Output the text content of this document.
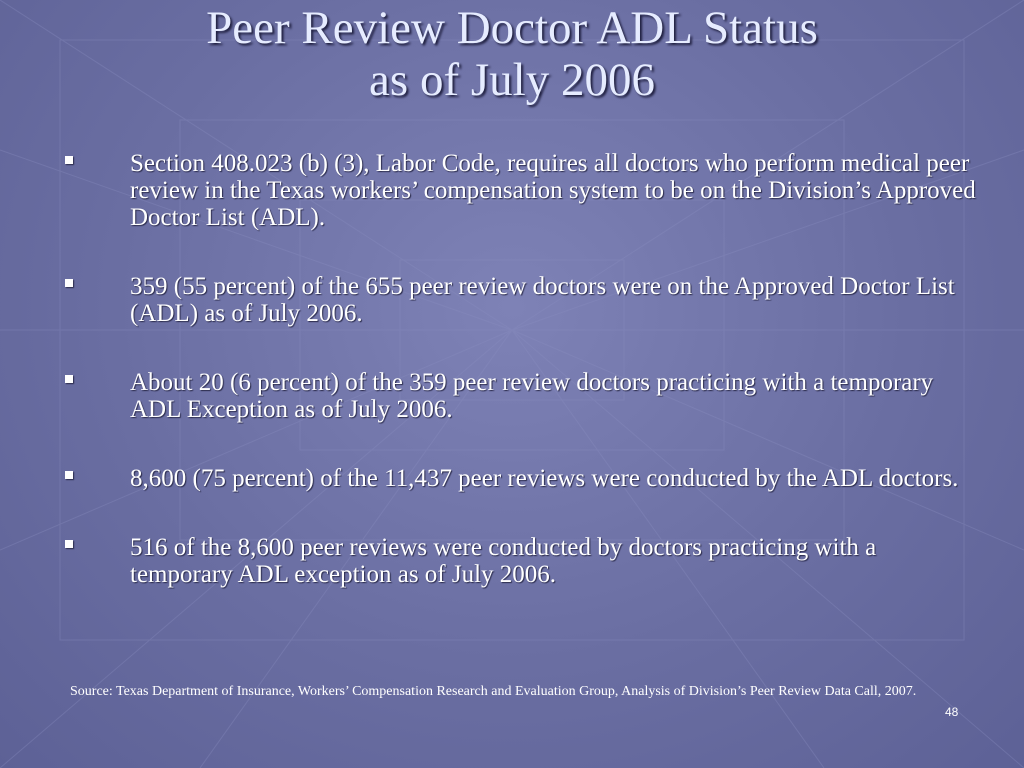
Peer Review Doctor ADL Status
as of July 2006
Section 408.023 (b) (3), Labor Code, requires all doctors who perform medical peer review in the Texas workers’ compensation system to be on the Division’s Approved Doctor List (ADL).
359 (55 percent) of the 655 peer review doctors were on the Approved Doctor List (ADL) as of July 2006.
About 20 (6 percent) of the 359 peer review doctors practicing with a temporary ADL Exception as of July 2006.
8,600 (75 percent) of the 11,437 peer reviews were conducted by the ADL doctors.
516 of the 8,600 peer reviews were conducted by doctors practicing with a temporary ADL exception as of July 2006.
Source: Texas Department of Insurance, Workers’ Compensation Research and Evaluation Group, Analysis of Division’s Peer Review Data Call, 2007.
48
